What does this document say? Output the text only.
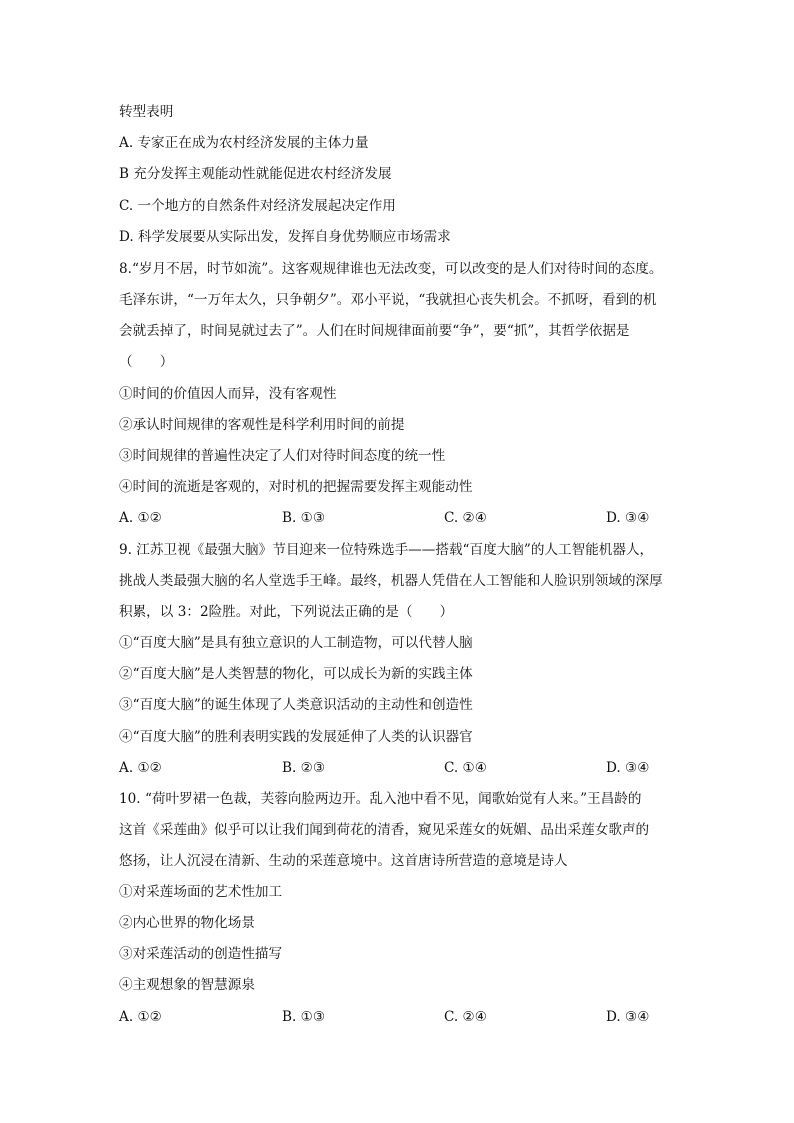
转型表明
A. 专家正在成为农村经济发展的主体力量
B 充分发挥主观能动性就能促进农村经济发展
C. 一个地方的自然条件对经济发展起决定作用
D. 科学发展要从实际出发，发挥自身优势顺应市场需求
8.“岁月不居，时节如流”。这客观规律谁也无法改变，可以改变的是人们对待时间的态度。
毛泽东讲，“一万年太久，只争朝夕”。邓小平说，“我就担心丧失机会。不抓呀，看到的机
会就丢掉了，时间晃就过去了”。人们在时间规律面前要“争”，要“抓”，其哲学依据是
（　　）
①时间的价值因人而异，没有客观性
②承认时间规律的客观性是科学利用时间的前提
③时间规律的普遍性决定了人们对待时间态度的统一性
④时间的流逝是客观的，对时机的把握需要发挥主观能动性
A. ①②	B. ①③	C. ②④	D. ③④
9. 江苏卫视《最强大脑》节目迎来一位特殊选手——搭载“百度大脑”的人工智能机器人，
挑战人类最强大脑的名人堂选手王峰。最终，机器人凭借在人工智能和人脸识别领域的深厚
积累，以 3：2险胜。对此，下列说法正确的是（　　）
①“百度大脑”是具有独立意识的人工制造物，可以代替人脑
②“百度大脑”是人类智慧的物化，可以成长为新的实践主体
③“百度大脑”的诞生体现了人类意识活动的主动性和创造性
④“百度大脑”的胜利表明实践的发展延伸了人类的认识器官
A. ①②	B. ②③	C. ①④	D. ③④
10. “荷叶罗裙一色裁，芙蓉向脸两边开。乱入池中看不见，闻歌始觉有人来。”王昌龄的
这首《采莲曲》似乎可以让我们闻到荷花的清香，窥见采莲女的妩媚、品出采莲女歌声的
悠扬，让人沉浸在清新、生动的采莲意境中。这首唐诗所营造的意境是诗人
①对采莲场面的艺术性加工
②内心世界的物化场景
③对采莲活动的创造性描写
④主观想象的智慧源泉
A. ①②	B. ①③	C. ②④	D. ③④
